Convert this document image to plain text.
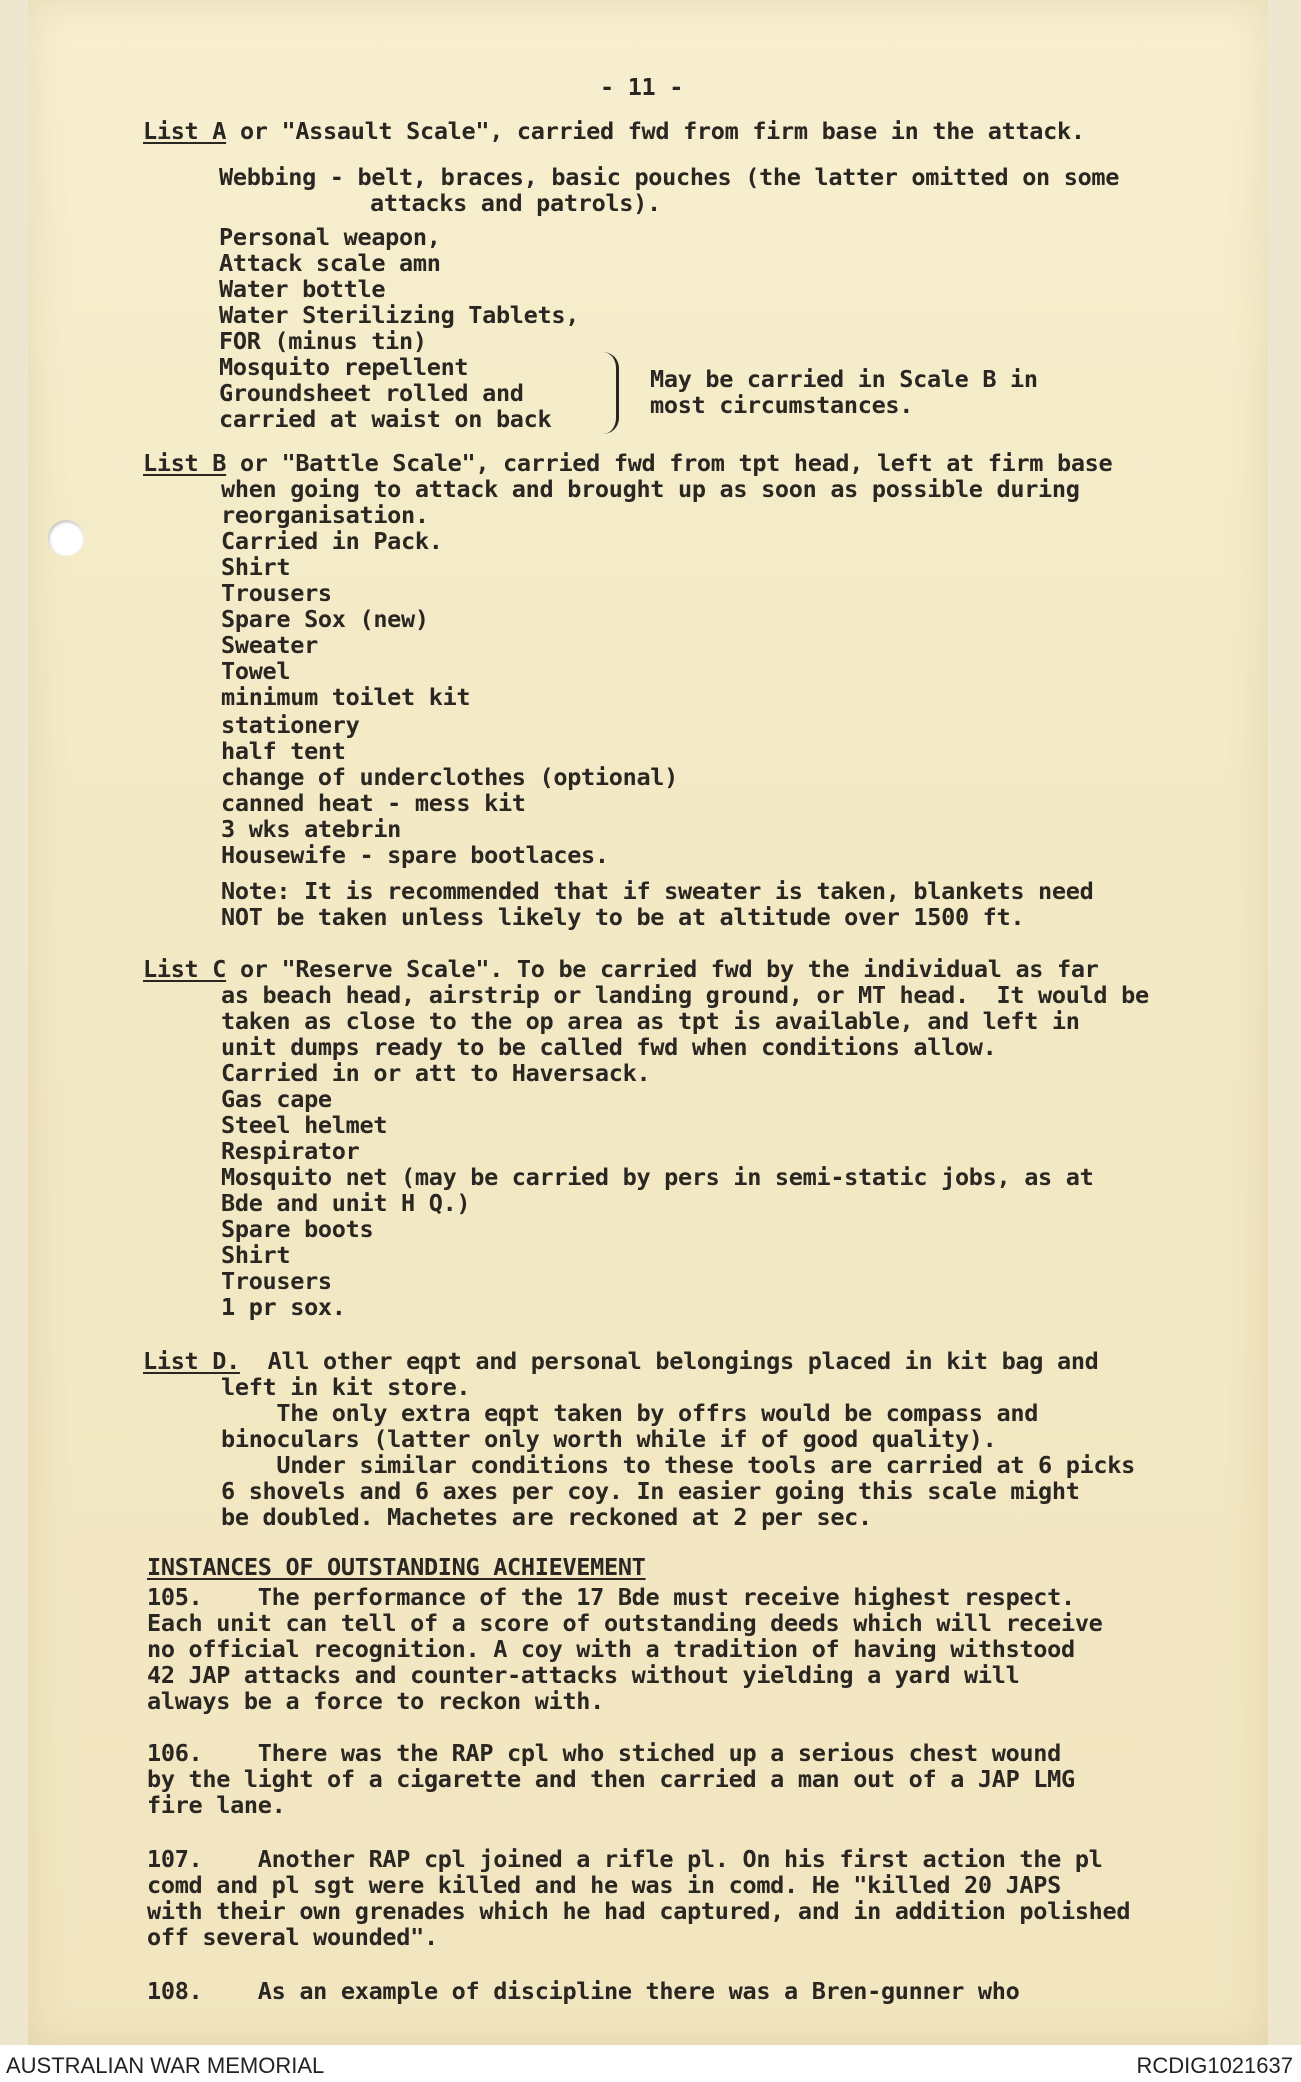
- 11 -
List A or "Assault Scale", carried fwd from firm base in the attack.
Webbing - belt, braces, basic pouches (the latter omitted on some
attacks and patrols).
Personal weapon,
Attack scale amn
Water bottle
Water Sterilizing Tablets,
FOR (minus tin)
Mosquito repellent
Groundsheet rolled and
carried at waist on back
May be carried in Scale B in
most circumstances.
List B or "Battle Scale", carried fwd from tpt head, left at firm base
when going to attack and brought up as soon as possible during
reorganisation.
Carried in Pack.
Shirt
Trousers
Spare Sox (new)
Sweater
Towel
minimum toilet kit
stationery
half tent
change of underclothes (optional)
canned heat - mess kit
3 wks atebrin
Housewife - spare bootlaces.
Note: It is recommended that if sweater is taken, blankets need
NOT be taken unless likely to be at altitude over 1500 ft.
List C or "Reserve Scale". To be carried fwd by the individual as far
as beach head, airstrip or landing ground, or MT head.  It would be
taken as close to the op area as tpt is available, and left in
unit dumps ready to be called fwd when conditions allow.
Carried in or att to Haversack.
Gas cape
Steel helmet
Respirator
Mosquito net (may be carried by pers in semi-static jobs, as at
Bde and unit H Q.)
Spare boots
Shirt
Trousers
1 pr sox.
List D.  All other eqpt and personal belongings placed in kit bag and
left in kit store.
The only extra eqpt taken by offrs would be compass and
binoculars (latter only worth while if of good quality).
Under similar conditions to these tools are carried at 6 picks
6 shovels and 6 axes per coy. In easier going this scale might
be doubled. Machetes are reckoned at 2 per sec.
INSTANCES OF OUTSTANDING ACHIEVEMENT
105.    The performance of the 17 Bde must receive highest respect.
Each unit can tell of a score of outstanding deeds which will receive
no official recognition. A coy with a tradition of having withstood
42 JAP attacks and counter-attacks without yielding a yard will
always be a force to reckon with.
106.    There was the RAP cpl who stiched up a serious chest wound
by the light of a cigarette and then carried a man out of a JAP LMG
fire lane.
107.    Another RAP cpl joined a rifle pl. On his first action the pl
comd and pl sgt were killed and he was in comd. He "killed 20 JAPS
with their own grenades which he had captured, and in addition polished
off several wounded".
108.    As an example of discipline there was a Bren-gunner who
AUSTRALIAN WAR MEMORIAL	RCDIG1021637
